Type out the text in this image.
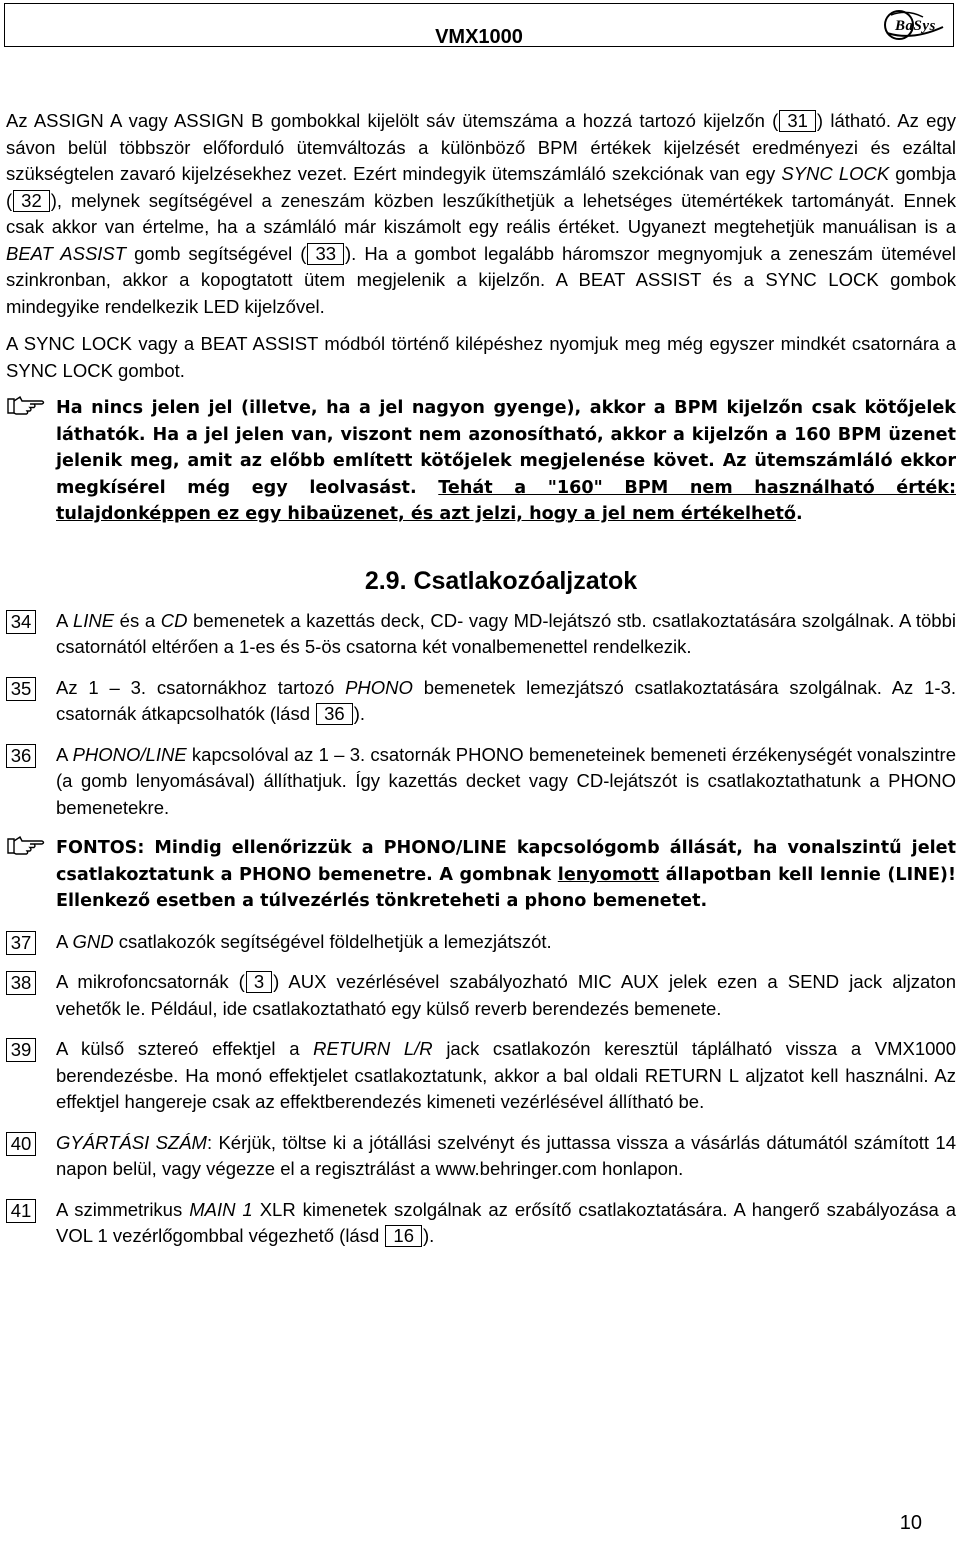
VMX1000	BaSys

Az ASSIGN A vagy ASSIGN B gombokkal kijelölt sáv ütemszáma a hozzá tartozó kijelzőn ( 31 ) látható. Az egy sávon belül többször előforduló ütemváltozás a különböző BPM értékek kijelzését eredményezi és ezáltal szükségtelen zavaró kijelzésekhez vezet. Ezért mindegyik ütemszámláló szekciónak van egy SYNC LOCK gombja ( 32 ), melynek segítségével a zeneszám közben leszűkíthetjük a lehetséges ütemértékek tartományát. Ennek csak akkor van értelme, ha a számláló már kiszámolt egy reális értéket. Ugyanezt megtehetjük manuálisan is a BEAT ASSIST gomb segítségével ( 33 ). Ha a gombot legalább háromszor megnyomjuk a zeneszám ütemével szinkronban, akkor a kopogtatott ütem megjelenik a kijelzőn. A BEAT ASSIST és a SYNC LOCK gombok mindegyike rendelkezik LED kijelzővel.

A SYNC LOCK vagy a BEAT ASSIST módból történő kilépéshez nyomjuk meg még egyszer mindkét csatornára a SYNC LOCK gombot.

Ha nincs jelen jel (illetve, ha a jel nagyon gyenge), akkor a BPM kijelzőn csak kötőjelek láthatók. Ha a jel jelen van, viszont nem azonosítható, akkor a kijelzőn a 160 BPM üzenet jelenik meg, amit az előbb említett kötőjelek megjelenése követ. Az ütemszámláló ekkor megkísérel még egy leolvasást. Tehát a "160" BPM nem használható érték: tulajdonképpen ez egy hibaüzenet, és azt jelzi, hogy a jel nem értékelhető.

2.9. Csatlakozóaljzatok
34 A LINE és a CD bemenetek a kazettás deck, CD- vagy MD-lejátszó stb. csatlakoztatására szolgálnak. A többi csatornától eltérően a 1-es és 5-ös csatorna két vonalbemenettel rendelkezik.

35 Az 1 – 3. csatornákhoz tartozó PHONO bemenetek lemezjátszó csatlakoztatására szolgálnak. Az 1-3. csatornák átkapcsolhatók (lásd 36 ).

36 A PHONO/LINE kapcsolóval az 1 – 3. csatornák PHONO bemeneteinek bemeneti érzékenységét vonalszintre (a gomb lenyomásával) állíthatjuk. Így kazettás decket vagy CD-lejátszót is csatlakoztathatunk a PHONO bemenetekre.

FONTOS: Mindig ellenőrizzük a PHONO/LINE kapcsológomb állását, ha vonalszintű jelet csatlakoztatunk a PHONO bemenetre. A gombnak lenyomott állapotban kell lennie (LINE)! Ellenkező esetben a túlvezérlés tönkreteheti a phono bemenetet.

37 A GND csatlakozók segítségével földelhetjük a lemezjátszót.

38 A mikrofoncsatornák ( 3 ) AUX vezérlésével szabályozható MIC AUX jelek ezen a SEND jack aljzaton vehetők le. Például, ide csatlakoztatható egy külső reverb berendezés bemenete.

39 A külső sztereó effektjel a RETURN L/R jack csatlakozón keresztül táplálható vissza a VMX1000 berendezésbe. Ha monó effektjelet csatlakoztatunk, akkor a bal oldali RETURN L aljzatot kell használni. Az effektjel hangereje csak az effektberendezés kimeneti vezérlésével állítható be.

40 GYÁRTÁSI SZÁM: Kérjük, töltse ki a jótállási szelvényt és juttassa vissza a vásárlás dátumától számított 14 napon belül, vagy végezze el a regisztrálást a www.behringer.com honlapon.

41 A szimmetrikus MAIN 1 XLR kimenetek szolgálnak az erősítő csatlakoztatására. A hangerő szabályozása a VOL 1 vezérlőgombbal végezhető (lásd 16 ).

10
